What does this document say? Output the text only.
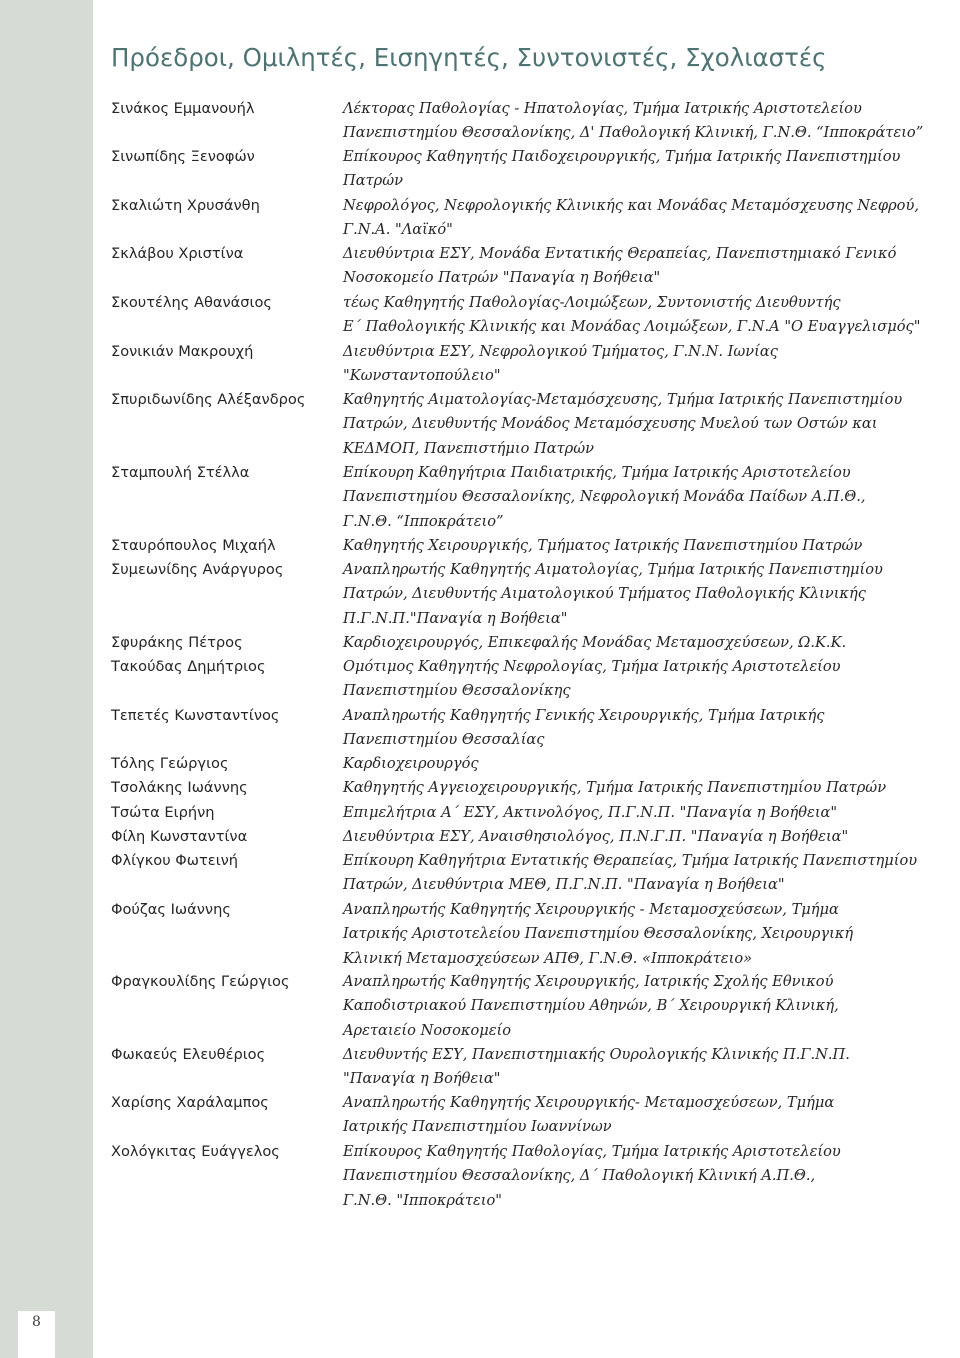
8
Πρόεδροι, Ομιλητές, Εισηγητές, Συντονιστές, Σχολιαστές
Σινάκος Εμμανουήλ	Λέκτορας Παθολογίας - Ηπατολογίας, Τμήμα Ιατρικής Αριστοτελείου
Πανεπιστημίου Θεσσαλονίκης, Δ' Παθολογική Κλινική, Γ.Ν.Θ. “Ιπποκράτειο”
Σινωπίδης Ξενοφών	Επίκουρος Καθηγητής Παιδοχειρουργικής, Τμήμα Ιατρικής Πανεπιστημίου
Πατρών
Σκαλιώτη Χρυσάνθη	Νεφρολόγος, Νεφρολογικής Κλινικής και Μονάδας Μεταμόσχευσης Νεφρού,
Γ.Ν.Α. "Λαϊκό"
Σκλάβου Χριστίνα	Διευθύντρια ΕΣΥ, Μονάδα Εντατικής Θεραπείας, Πανεπιστημιακό Γενικό
Νοσοκομείο Πατρών "Παναγία η Βοήθεια"
Σκουτέλης Αθανάσιος	τέως Καθηγητής Παθολογίας-Λοιμώξεων, Συντονιστής Διευθυντής
Ε΄ Παθολογικής Κλινικής και Μονάδας Λοιμώξεων, Γ.Ν.Α "Ο Ευαγγελισμός"
Σονικιάν Μακρουχή	Διευθύντρια ΕΣΥ, Νεφρολογικού Τμήματος, Γ.Ν.Ν. Ιωνίας
"Κωνσταντοπούλειο"
Σπυριδωνίδης Αλέξανδρος	Καθηγητής Αιματολογίας-Μεταμόσχευσης, Τμήμα Ιατρικής Πανεπιστημίου
Πατρών, Διευθυντής Μονάδος Μεταμόσχευσης Μυελού των Οστών και
ΚΕΔΜΟΠ, Πανεπιστήμιο Πατρών
Σταμπουλή Στέλλα	Επίκουρη Καθηγήτρια Παιδιατρικής, Τμήμα Ιατρικής Αριστοτελείου
Πανεπιστημίου Θεσσαλονίκης, Νεφρολογική Μονάδα Παίδων Α.Π.Θ.,
Γ.Ν.Θ. “Ιπποκράτειο”
Σταυρόπουλος Μιχαήλ	Καθηγητής Χειρουργικής, Τμήματος Ιατρικής Πανεπιστημίου Πατρών
Συμεωνίδης Ανάργυρος	Αναπληρωτής Καθηγητής Αιματολογίας, Τμήμα Ιατρικής Πανεπιστημίου
Πατρών, Διευθυντής Αιματολογικού Τμήματος Παθολογικής Κλινικής
Π.Γ.Ν.Π."Παναγία η Βοήθεια"
Σφυράκης Πέτρος	Καρδιοχειρουργός, Επικεφαλής Μονάδας Μεταμοσχεύσεων, Ω.Κ.Κ.
Τακούδας Δημήτριος	Ομότιμος Καθηγητής Νεφρολογίας, Τμήμα Ιατρικής Αριστοτελείου
Πανεπιστημίου Θεσσαλονίκης
Τεπετές Κωνσταντίνος	Αναπληρωτής Καθηγητής Γενικής Χειρουργικής, Τμήμα Ιατρικής
Πανεπιστημίου Θεσσαλίας
Τόλης Γεώργιος	Καρδιοχειρουργός
Τσολάκης Ιωάννης	Καθηγητής Αγγειοχειρουργικής, Τμήμα Ιατρικής Πανεπιστημίου Πατρών
Τσώτα Ειρήνη	Επιμελήτρια Α΄ ΕΣΥ, Ακτινολόγος, Π.Γ.Ν.Π. "Παναγία η Βοήθεια"
Φίλη Κωνσταντίνα	Διευθύντρια ΕΣΥ, Αναισθησιολόγος, Π.Ν.Γ.Π. "Παναγία η Βοήθεια"
Φλίγκου Φωτεινή	Επίκουρη Καθηγήτρια Εντατικής Θεραπείας, Τμήμα Ιατρικής Πανεπιστημίου
Πατρών, Διευθύντρια ΜΕΘ, Π.Γ.Ν.Π. "Παναγία η Βοήθεια"
Φούζας Ιωάννης	Αναπληρωτής Καθηγητής Χειρουργικής - Μεταμοσχεύσεων, Τμήμα
Ιατρικής Αριστοτελείου Πανεπιστημίου Θεσσαλονίκης, Χειρουργική
Κλινική Μεταμοσχεύσεων ΑΠΘ, Γ.Ν.Θ. «Ιπποκράτειο»
Φραγκουλίδης Γεώργιος	Αναπληρωτής Καθηγητής Χειρουργικής, Ιατρικής Σχολής Εθνικού
Καποδιστριακού Πανεπιστημίου Αθηνών, Β΄ Χειρουργική Κλινική,
Αρεταιείο Νοσοκομείο
Φωκαεύς Ελευθέριος	Διευθυντής ΕΣΥ, Πανεπιστημιακής Ουρολογικής Κλινικής Π.Γ.Ν.Π.
"Παναγία η Βοήθεια"
Χαρίσης Χαράλαμπος	Αναπληρωτής Καθηγητής Χειρουργικής- Μεταμοσχεύσεων, Τμήμα
Ιατρικής Πανεπιστημίου Ιωαννίνων
Χολόγκιτας Ευάγγελος	Επίκουρος Καθηγητής Παθολογίας, Τμήμα Ιατρικής Αριστοτελείου
Πανεπιστημίου Θεσσαλονίκης, Δ΄ Παθολογική Κλινική Α.Π.Θ.,
Γ.Ν.Θ. "Ιπποκράτειο"
